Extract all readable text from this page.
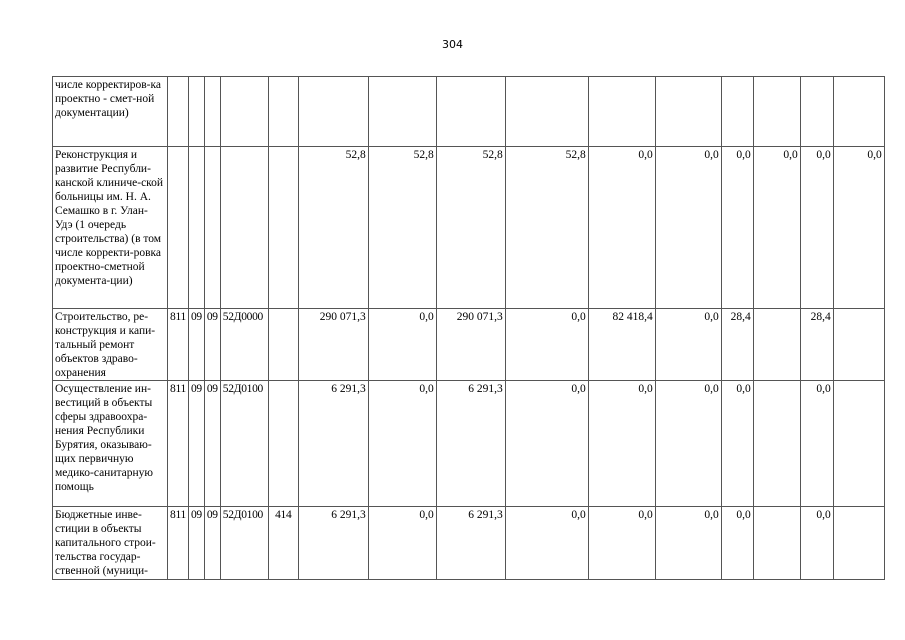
304
числе корректиров-ка проектно - смет-ной документации)															
Реконструкция и развитие Республи-канской клиниче-ской больницы им. Н. А. Семашко в г. Улан-Удэ (1 очередь строительства) (в том числе корректи-ровка проектно-сметной документа-ции)						52,8	52,8	52,8	52,8	0,0	0,0	0,0	0,0	0,0	0,0
Строительство, ре-конструкция и капи-тальный ремонт объектов здраво-охранения	811	09	09	52Д0000		290 071,3	0,0	290 071,3	0,0	82 418,4	0,0	28,4		28,4	
Осуществление ин-вестиций в объекты сферы здравоохра-нения Республики Бурятия, оказываю-щих первичную медико-санитарную помощь	811	09	09	52Д0100		6 291,3	0,0	6 291,3	0,0	0,0	0,0	0,0		0,0	
Бюджетные инве-стиции в объекты капитального строи-тельства государ-ственной (муници-	811	09	09	52Д0100	414	6 291,3	0,0	6 291,3	0,0	0,0	0,0	0,0		0,0	
